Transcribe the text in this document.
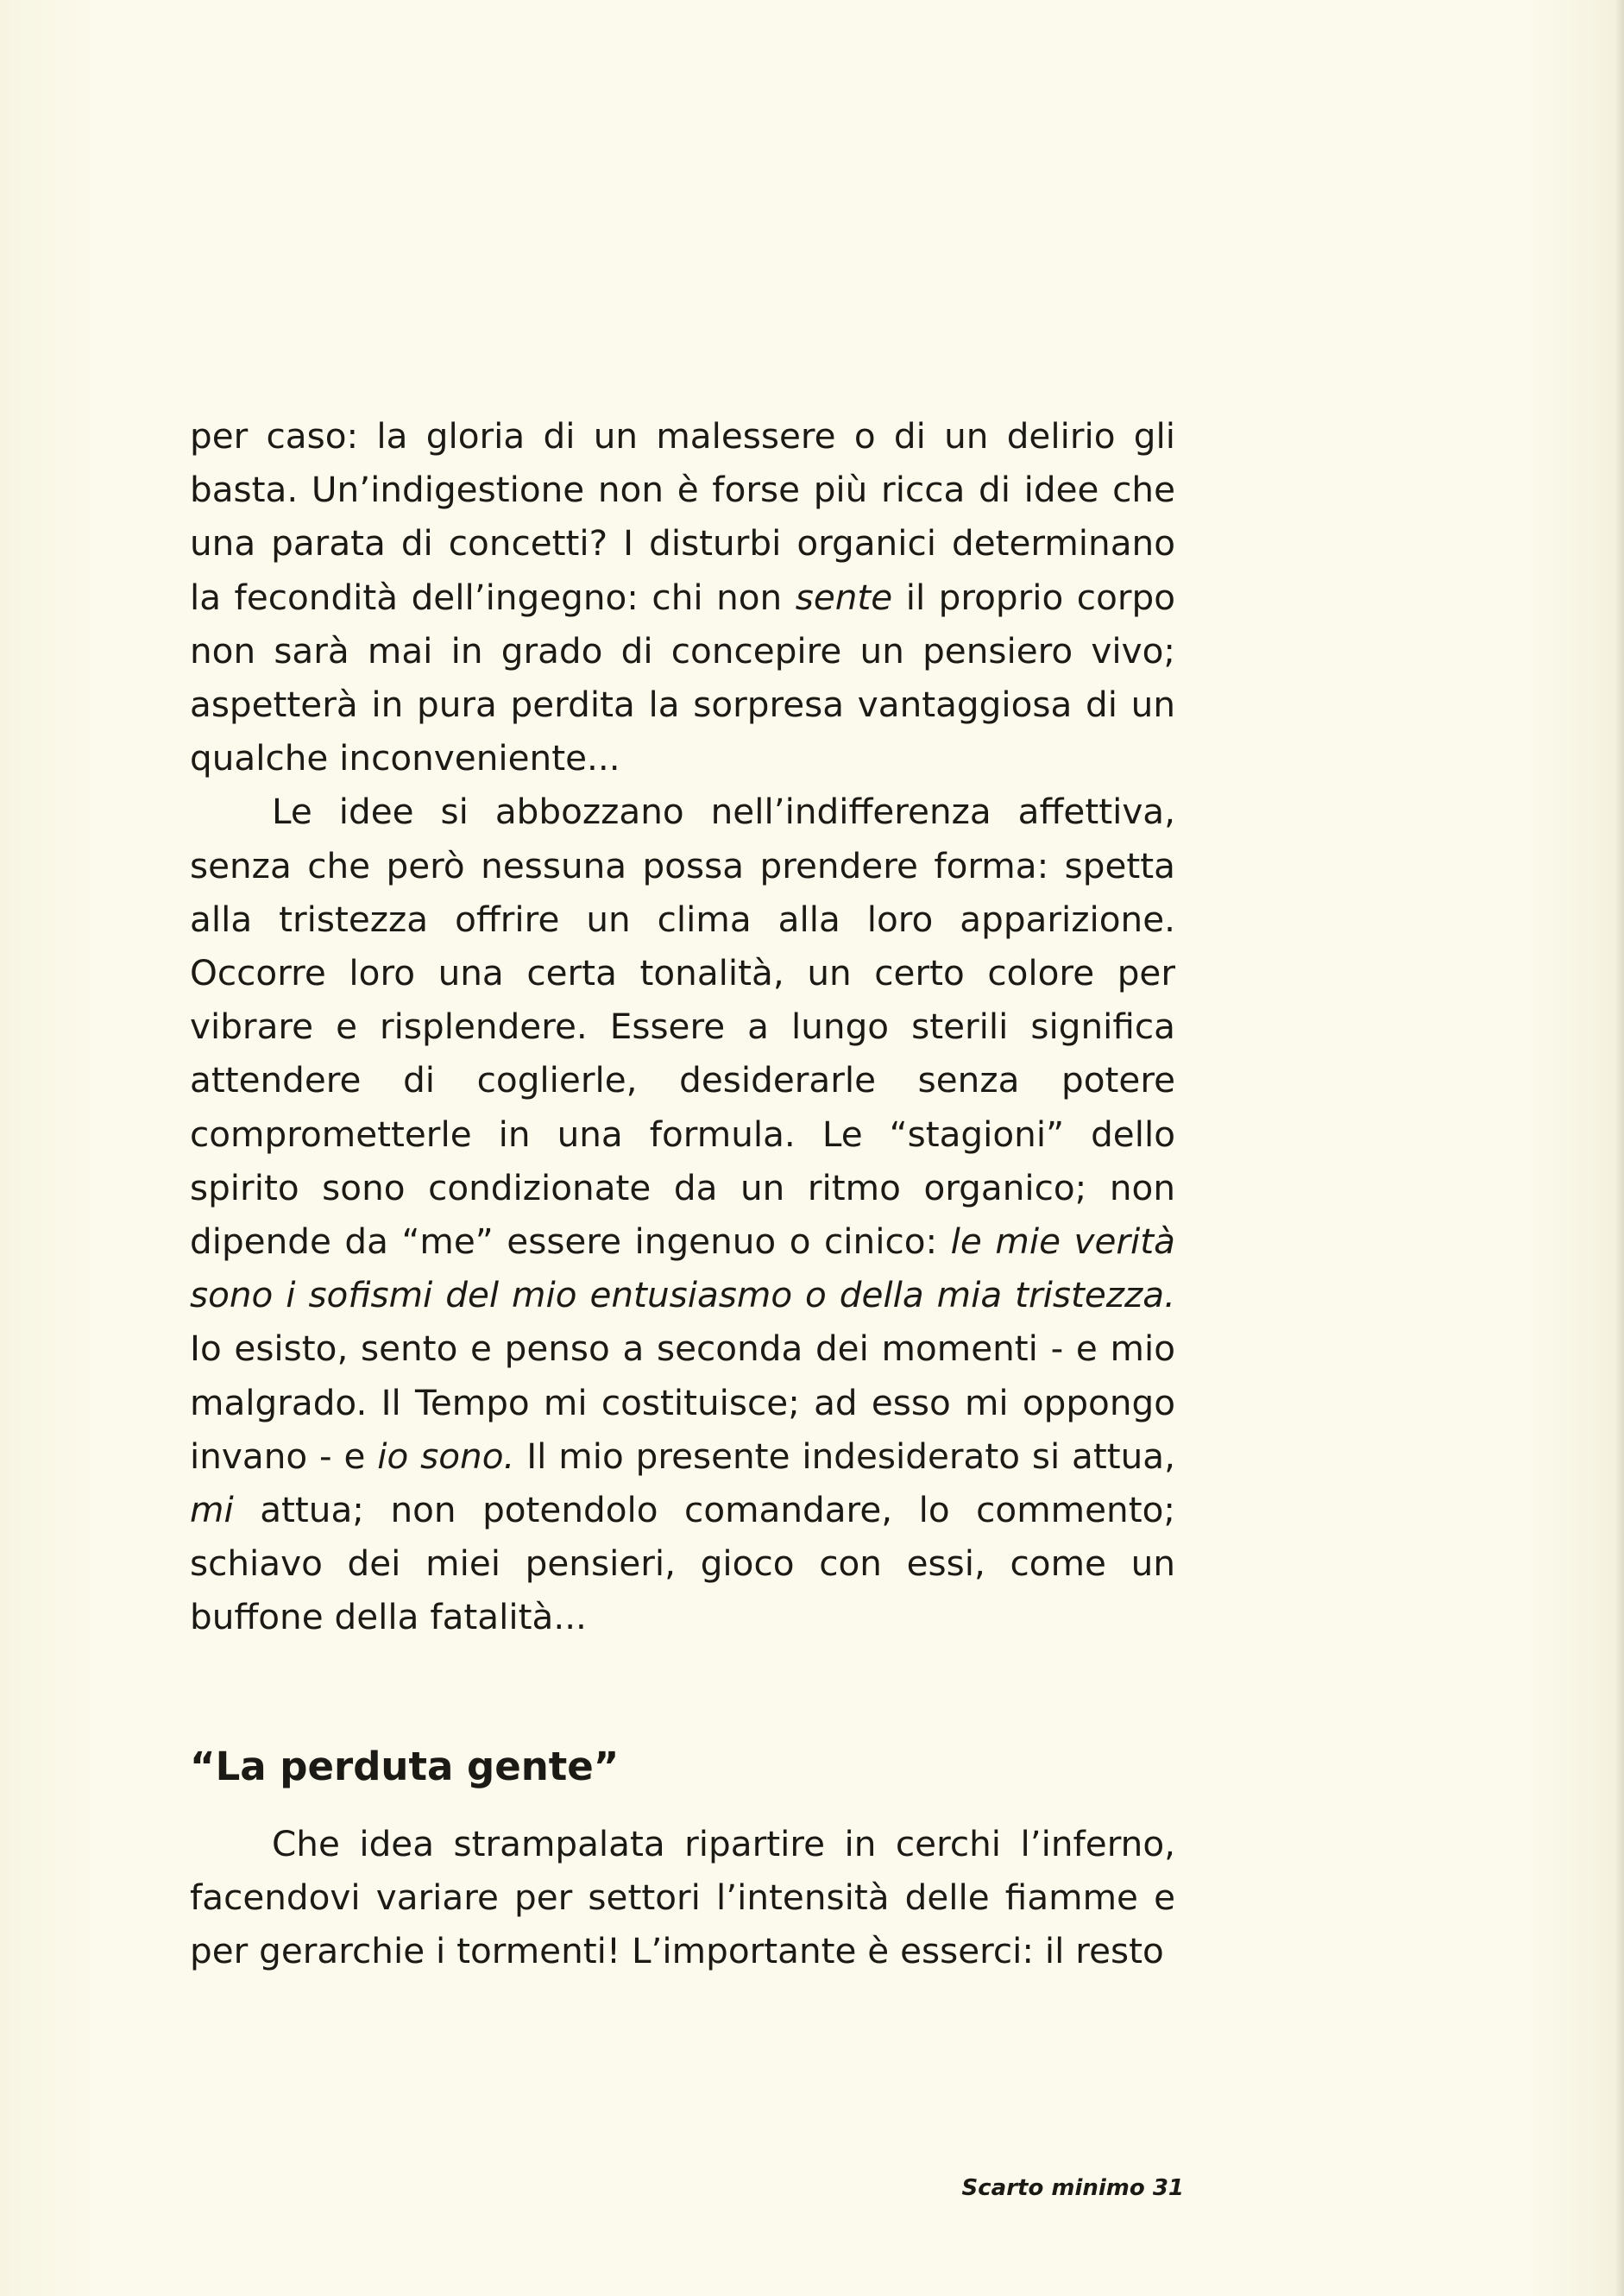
per caso: la gloria di un malessere o di un delirio gli basta. Un’indigestione non è forse più ricca di idee che una parata di concetti? I disturbi organici determinano la fecondità dell’ingegno: chi non sente il proprio corpo non sarà mai in grado di concepire un pensiero vivo; aspetterà in pura perdita la sorpresa vantaggiosa di un qualche inconveniente...

Le idee si abbozzano nell’indifferenza affettiva, senza che però nessuna possa prendere forma: spetta alla tristezza offrire un clima alla loro apparizione. Occorre loro una certa tonalità, un certo colore per vibrare e risplendere. Essere a lungo sterili significa attendere di coglierle, desiderarle senza potere comprometterle in una formula. Le “stagioni” dello spirito sono condizionate da un ritmo organico; non dipende da “me” essere ingenuo o cinico: le mie verità sono i sofismi del mio entusiasmo o della mia tristezza. Io esisto, sento e penso a seconda dei momenti - e mio malgrado. Il Tempo mi costituisce; ad esso mi oppongo invano - e io sono. Il mio presente indesiderato si attua, mi attua; non potendolo comandare, lo commento; schiavo dei miei pensieri, gioco con essi, come un buffone della fatalità...

“La perduta gente”

Che idea strampalata ripartire in cerchi l’inferno, facendovi variare per settori l’intensità delle fiamme e per gerarchie i tormenti! L’importante è esserci: il resto

Scarto minimo 31
